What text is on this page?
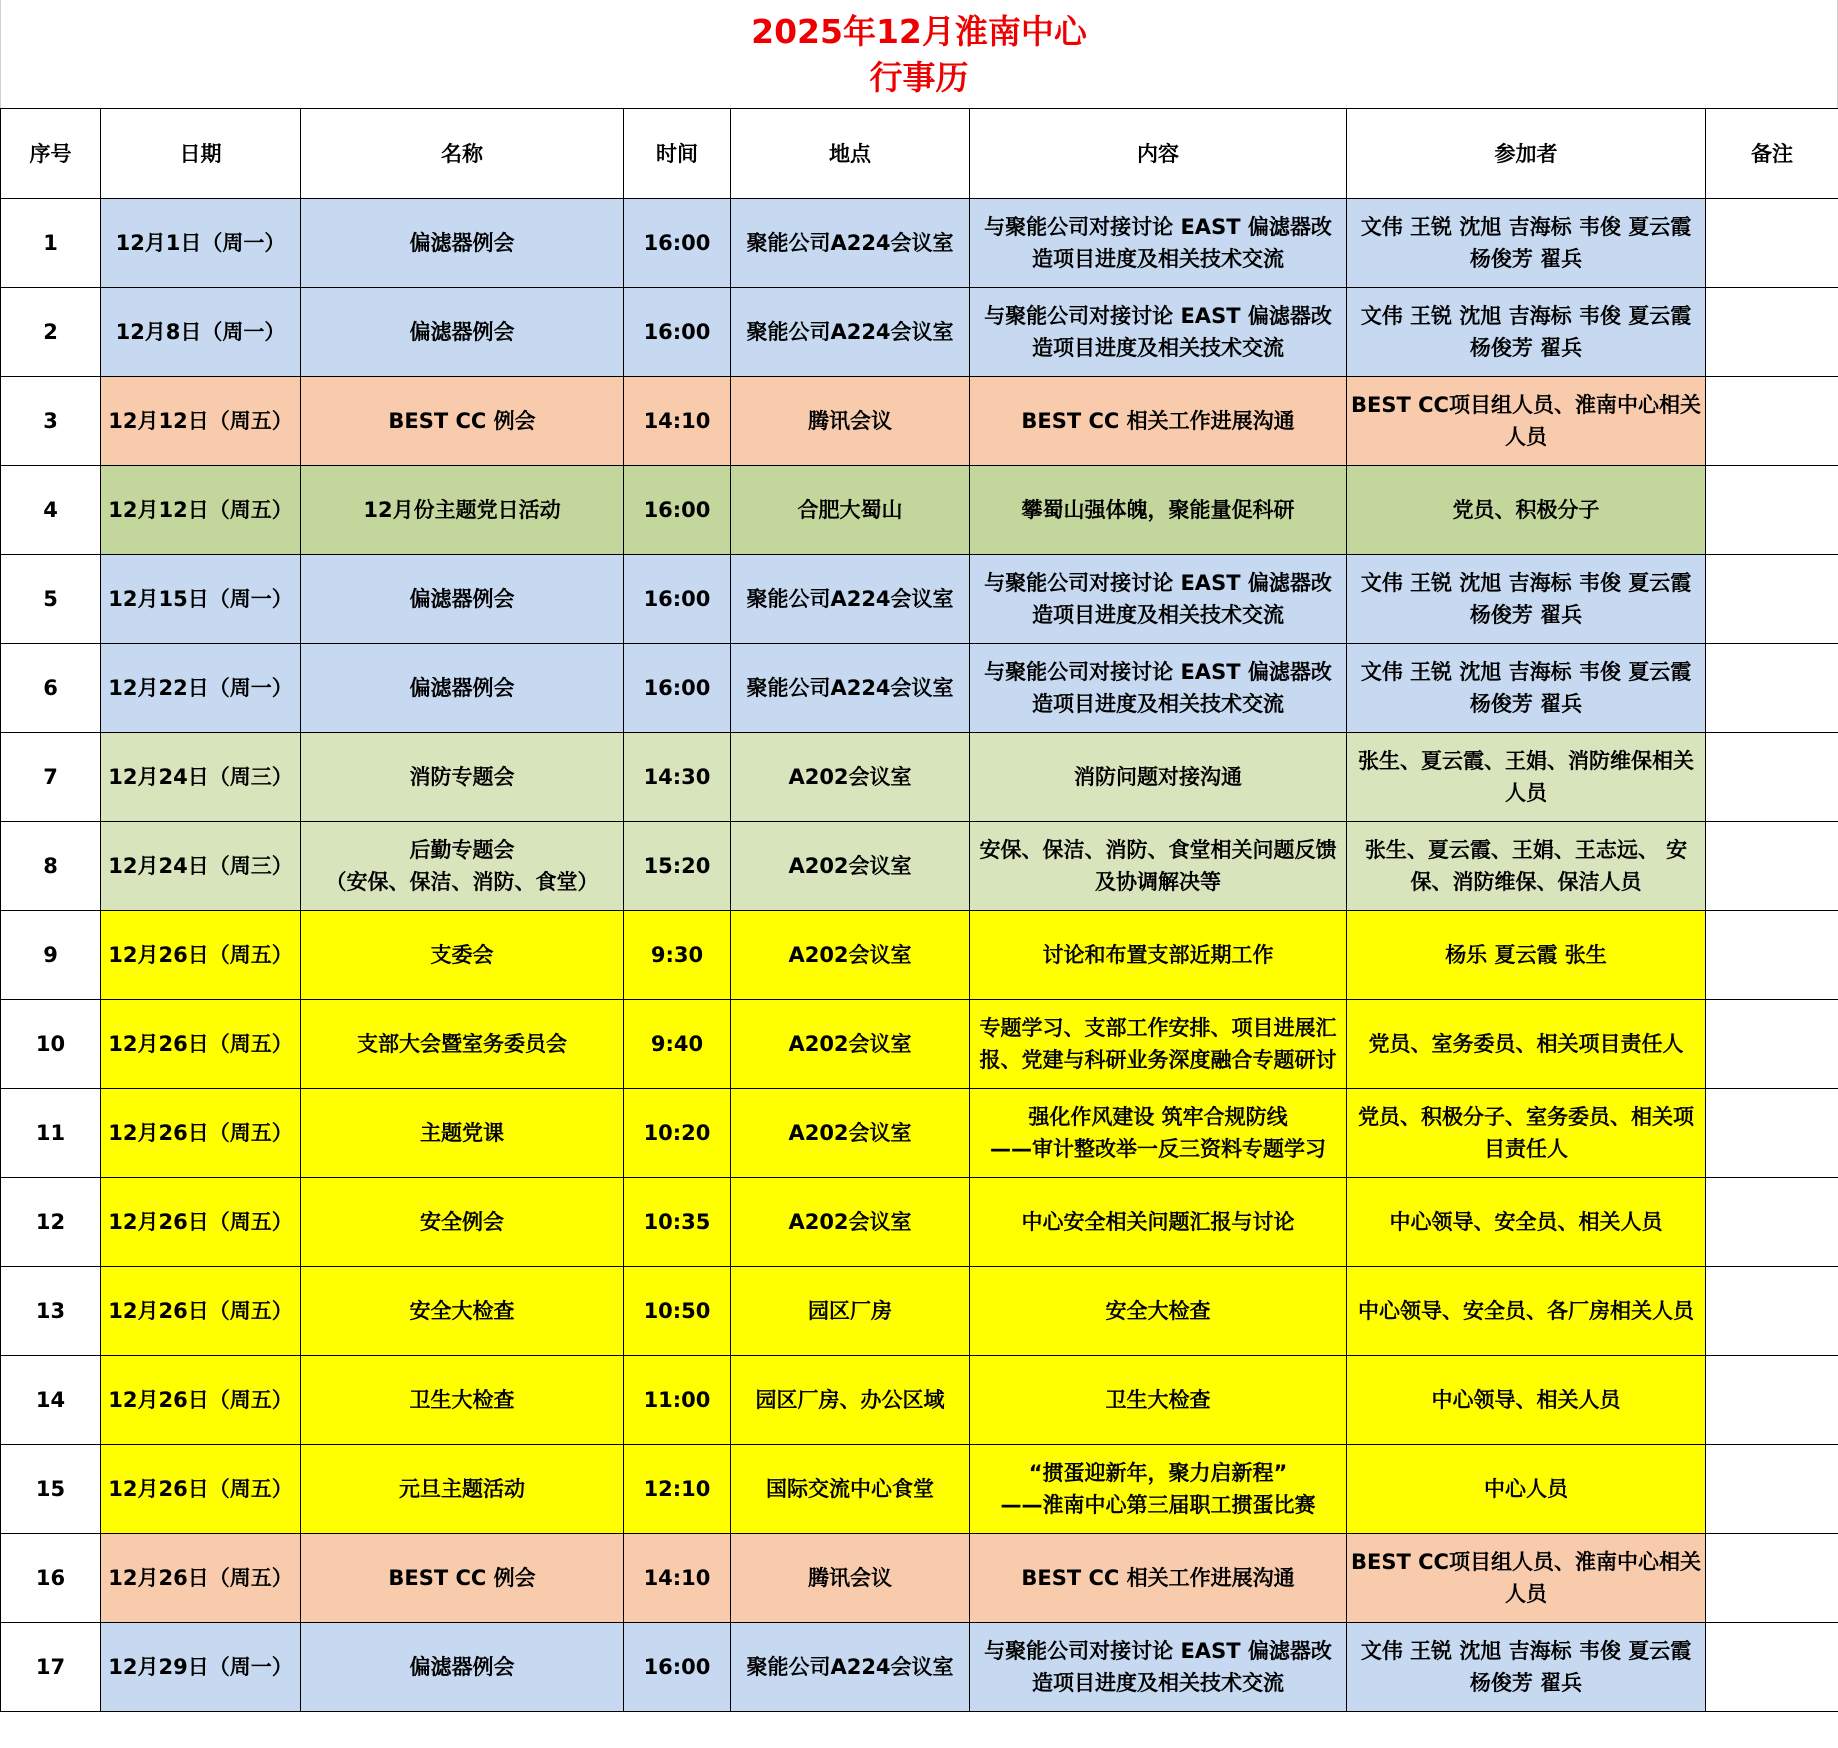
2025年12月淮南中心
行事历
序号	日期	名称	时间	地点	内容	参加者	备注
1	12月1日（周一）	偏滤器例会	16:00	聚能公司A224会议室	与聚能公司对接讨论 EAST 偏滤器改造项目进度及相关技术交流	文伟 王锐 沈旭 吉海标 韦俊 夏云霞
杨俊芳 翟兵	
2	12月8日（周一）	偏滤器例会	16:00	聚能公司A224会议室	与聚能公司对接讨论 EAST 偏滤器改造项目进度及相关技术交流	文伟 王锐 沈旭 吉海标 韦俊 夏云霞
杨俊芳 翟兵	
3	12月12日（周五）	BEST CC 例会	14:10	腾讯会议	BEST CC 相关工作进展沟通	BEST CC项目组人员、淮南中心相关人员	
4	12月12日（周五）	12月份主题党日活动	16:00	合肥大蜀山	攀蜀山强体魄，聚能量促科研	党员、积极分子	
5	12月15日（周一）	偏滤器例会	16:00	聚能公司A224会议室	与聚能公司对接讨论 EAST 偏滤器改造项目进度及相关技术交流	文伟 王锐 沈旭 吉海标 韦俊 夏云霞
杨俊芳 翟兵	
6	12月22日（周一）	偏滤器例会	16:00	聚能公司A224会议室	与聚能公司对接讨论 EAST 偏滤器改造项目进度及相关技术交流	文伟 王锐 沈旭 吉海标 韦俊 夏云霞
杨俊芳 翟兵	
7	12月24日（周三）	消防专题会	14:30	A202会议室	消防问题对接沟通	张生、夏云霞、王娟、消防维保相关人员	
8	12月24日（周三）	后勤专题会
（安保、保洁、消防、食堂）	15:20	A202会议室	安保、保洁、消防、食堂相关问题反馈及协调解决等	张生、夏云霞、王娟、王志远、 安保、消防维保、保洁人员	
9	12月26日（周五）	支委会	9:30	A202会议室	讨论和布置支部近期工作	杨乐 夏云霞 张生	
10	12月26日（周五）	支部大会暨室务委员会	9:40	A202会议室	专题学习、支部工作安排、项目进展汇报、党建与科研业务深度融合专题研讨	党员、室务委员、相关项目责任人	
11	12月26日（周五）	主题党课	10:20	A202会议室	强化作风建设 筑牢合规防线
——审计整改举一反三资料专题学习	党员、积极分子、室务委员、相关项目责任人	
12	12月26日（周五）	安全例会	10:35	A202会议室	中心安全相关问题汇报与讨论	中心领导、安全员、相关人员	
13	12月26日（周五）	安全大检查	10:50	园区厂房	安全大检查	中心领导、安全员、各厂房相关人员	
14	12月26日（周五）	卫生大检查	11:00	园区厂房、办公区域	卫生大检查	中心领导、相关人员	
15	12月26日（周五）	元旦主题活动	12:10	国际交流中心食堂	“掼蛋迎新年，聚力启新程”
——淮南中心第三届职工掼蛋比赛	中心人员	
16	12月26日（周五）	BEST CC 例会	14:10	腾讯会议	BEST CC 相关工作进展沟通	BEST CC项目组人员、淮南中心相关人员	
17	12月29日（周一）	偏滤器例会	16:00	聚能公司A224会议室	与聚能公司对接讨论 EAST 偏滤器改造项目进度及相关技术交流	文伟 王锐 沈旭 吉海标 韦俊 夏云霞
杨俊芳 翟兵	
